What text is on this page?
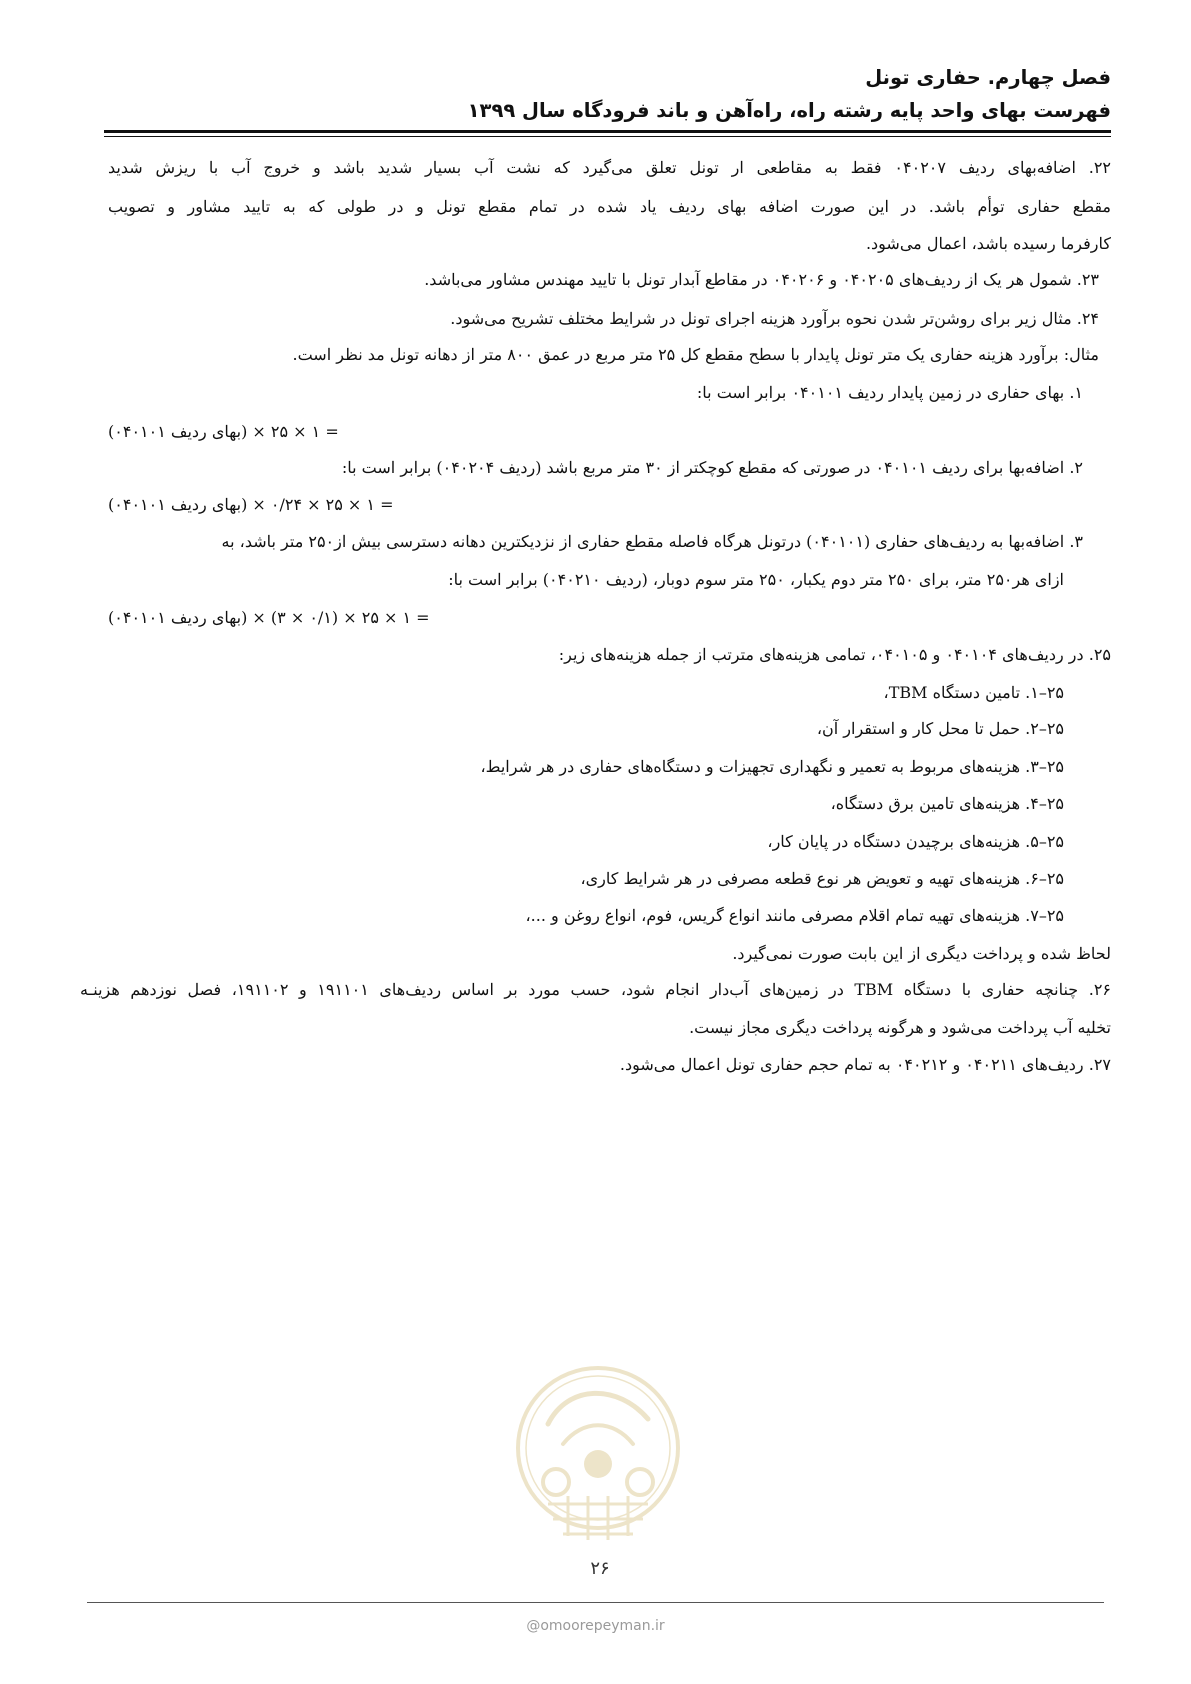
فصل چهارم. حفاری تونل
فهرست بهای واحد پایه رشته راه، راه‌آهن و باند فرودگاه سال ۱۳۹۹
۲۲. اضافه‌بهای ردیف ۰۴۰۲۰۷ فقط به مقاطعی ار تونل تعلق می‌گیرد که نشت آب بسیار شدید باشد و خروج آب با ریزش شدید
مقطع حفاری توأم باشد. در این صورت اضافه بهای ردیف یاد شده در تمام مقطع تونل و در طولی که به تایید مشاور و تصویب
کارفرما رسیده باشد، اعمال می‌شود.
۲۳. شمول هر یک از ردیف‌های ۰۴۰۲۰۵ و ۰۴۰۲۰۶ در مقاطع آبدار تونل با تایید مهندس مشاور می‌باشد.
۲۴. مثال زیر برای روشن‌تر شدن نحوه برآورد هزینه اجرای تونل در شرایط مختلف تشریح می‌شود.
مثال: برآورد هزینه حفاری یک متر تونل پایدار با سطح مقطع کل ۲۵ متر مربع در عمق ۸۰۰ متر از دهانه تونل مد نظر است.
۱. بهای حفاری در زمین پایدار ردیف ۰۴۰۱۰۱ برابر است با:
= ۱ × ۲۵ × (بهای ردیف ۰۴۰۱۰۱)
۲. اضافه‌بها برای ردیف ۰۴۰۱۰۱ در صورتی که مقطع کوچکتر از ۳۰ متر مربع باشد (ردیف ۰۴۰۲۰۴) برابر است با:
= ۱ × ۲۵ × ۰/۲۴ × (بهای ردیف ۰۴۰۱۰۱)
۳. اضافه‌بها به ردیف‌های حفاری (۰۴۰۱۰۱) درتونل هرگاه فاصله مقطع حفاری از نزدیکترین دهانه دسترسی بیش از۲۵۰ متر باشد، به
ازای هر۲۵۰ متر، برای ۲۵۰ متر دوم یکبار، ۲۵۰ متر سوم دوبار، (ردیف ۰۴۰۲۱۰) برابر است با:
= ۱ × ۲۵ × (۰/۱ × ۳) × (بهای ردیف ۰۴۰۱۰۱)
۲۵. در ردیف‌های ۰۴۰۱۰۴ و ۰۴۰۱۰۵، تمامی هزینه‌های مترتب از جمله هزینه‌های زیر:
۲۵–۱. تامین دستگاه TBM،
۲۵–۲. حمل تا محل کار و استقرار آن،
۲۵–۳. هزینه‌های مربوط به تعمیر و نگهداری تجهیزات و دستگاه‌های حفاری در هر شرایط،
۲۵–۴. هزینه‌های تامین برق دستگاه،
۲۵–۵. هزینه‌های برچیدن دستگاه در پایان کار،
۲۵–۶. هزینه‌های تهیه و تعویض هر نوع قطعه مصرفی در هر شرایط کاری،
۲۵–۷. هزینه‌های تهیه تمام اقلام مصرفی مانند انواع گریس، فوم، انواع روغن و ...،
لحاظ شده و پرداخت دیگری از این بابت صورت نمی‌گیرد.
۲۶. چنانچه حفاری با دستگاه TBM در زمین‌های آب‌دار انجام شود، حسب مورد بر اساس ردیف‌های ۱۹۱۱۰۱ و ۱۹۱۱۰۲، فصل نوزدهم هزینـه
تخلیه آب پرداخت می‌شود و هرگونه پرداخت دیگری مجاز نیست.
۲۷. ردیف‌های ۰۴۰۲۱۱ و ۰۴۰۲۱۲ به تمام حجم حفاری تونل اعمال می‌شود.
۲۶
@omoorepeyman.ir
